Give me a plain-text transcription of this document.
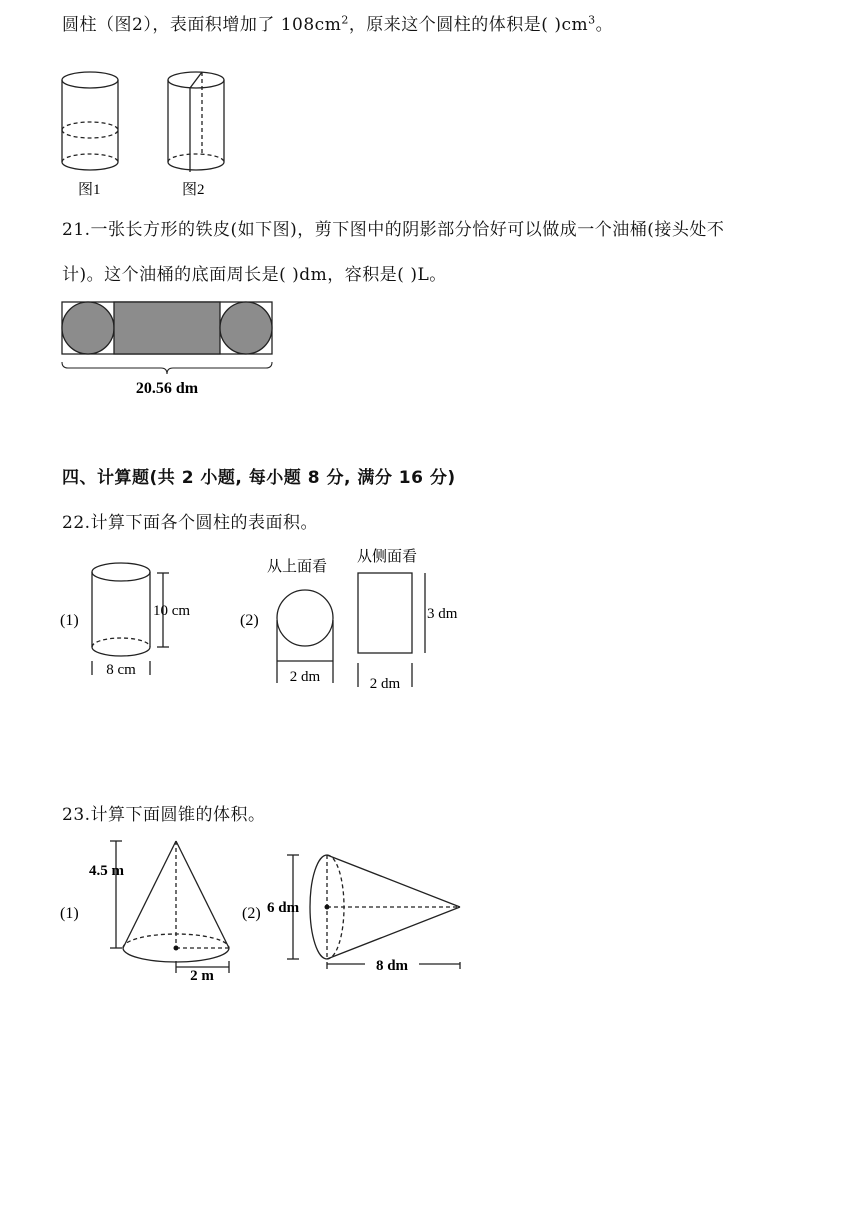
圆柱（图2），表面积增加了 $108cm^2$，原来这个圆柱的体积是( )$cm^3$。
图1	图2
21.一张长方形的铁皮(如下图)，剪下图中的阴影部分恰好可以做成一个油桶(接头处不
计)。这个油桶的底面周长是( )dm，容积是( )L。
20.56 dm
四、计算题(共 2 小题, 每小题 8 分, 满分 16 分)
22.计算下面各个圆柱的表面积。
(1)
10 cm
8 cm
(2)
从上面看
从侧面看
2 dm
3 dm
2 dm
23.计算下面圆锥的体积。
(1)
4.5 m
2 m
(2) 6 dm
8 dm
